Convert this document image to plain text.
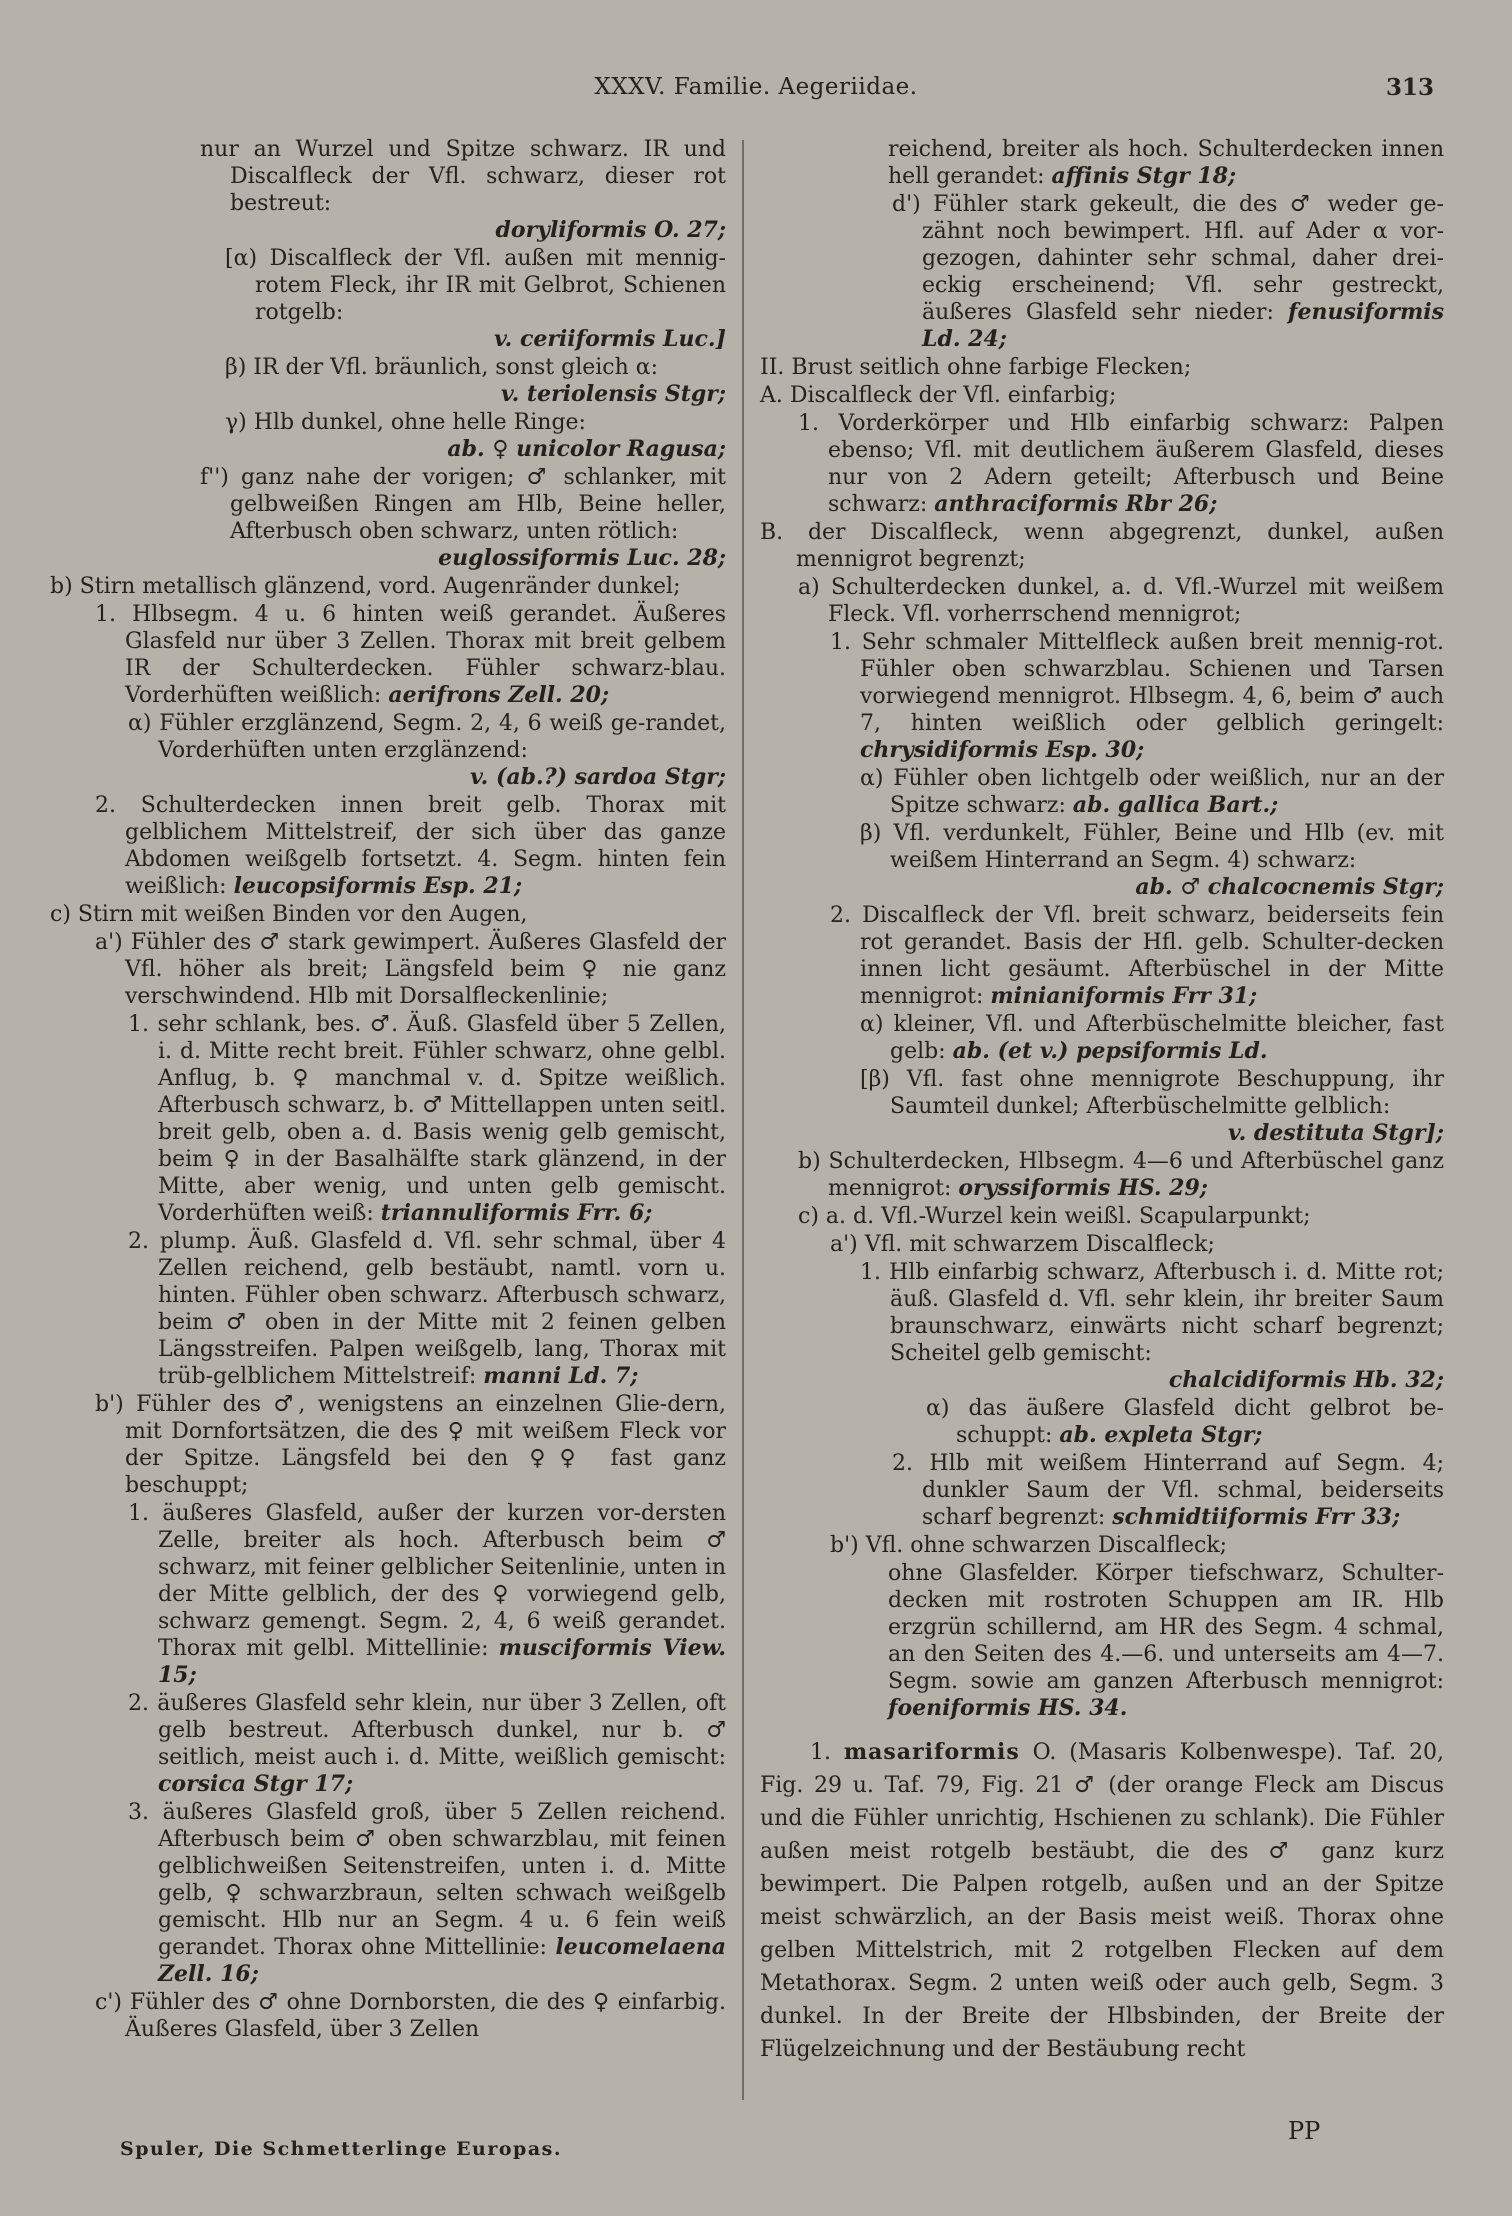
XXXV. Familie. Aegeriidae.	313
nur an Wurzel und Spitze schwarz. IR und Discalfleck der Vfl. schwarz, dieser rot bestreut:
doryliformis O. 27;
[α) Discalfleck der Vfl. außen mit mennig-rotem Fleck, ihr IR mit Gelbrot, Schienen rotgelb:
v. ceriiformis Luc.]
β) IR der Vfl. bräunlich, sonst gleich α:
v. teriolensis Stgr;
γ) Hlb dunkel, ohne helle Ringe:
ab. ♀ unicolor Ragusa;
f'') ganz nahe der vorigen; ♂ schlanker, mit gelbweißen Ringen am Hlb, Beine heller, Afterbusch oben schwarz, unten rötlich:
euglossiformis Luc. 28;
b) Stirn metallisch glänzend, vord. Augenränder dunkel;
1. Hlbsegm. 4 u. 6 hinten weiß gerandet. Äußeres Glasfeld nur über 3 Zellen. Thorax mit breit gelbem IR der Schulterdecken. Fühler schwarz-blau. Vorderhüften weißlich: aerifrons Zell. 20;
α) Fühler erzglänzend, Segm. 2, 4, 6 weiß ge-randet, Vorderhüften unten erzglänzend:
v. (ab.?) sardoa Stgr;
2. Schulterdecken innen breit gelb. Thorax mit gelblichem Mittelstreif, der sich über das ganze Abdomen weißgelb fortsetzt. 4. Segm. hinten fein weißlich: leucopsiformis Esp. 21;
c) Stirn mit weißen Binden vor den Augen,
a') Fühler des ♂ stark gewimpert. Äußeres Glasfeld der Vfl. höher als breit; Längsfeld beim ♀ nie ganz verschwindend. Hlb mit Dorsalfleckenlinie;
1. sehr schlank, bes. ♂. Äuß. Glasfeld über 5 Zellen, i. d. Mitte recht breit. Fühler schwarz, ohne gelbl. Anflug, b. ♀ manchmal v. d. Spitze weißlich. Afterbusch schwarz, b. ♂ Mittellappen unten seitl. breit gelb, oben a. d. Basis wenig gelb gemischt, beim ♀ in der Basalhälfte stark glänzend, in der Mitte, aber wenig, und unten gelb gemischt. Vorderhüften weiß: triannuliformis Frr. 6;
2. plump. Äuß. Glasfeld d. Vfl. sehr schmal, über 4 Zellen reichend, gelb bestäubt, namtl. vorn u. hinten. Fühler oben schwarz. Afterbusch schwarz, beim ♂ oben in der Mitte mit 2 feinen gelben Längsstreifen. Palpen weißgelb, lang, Thorax mit trüb-gelblichem Mittelstreif: manni Ld. 7;
b') Fühler des ♂, wenigstens an einzelnen Glie-dern, mit Dornfortsätzen, die des ♀ mit weißem Fleck vor der Spitze. Längsfeld bei den ♀♀ fast ganz beschuppt;
1. äußeres Glasfeld, außer der kurzen vor-dersten Zelle, breiter als hoch. Afterbusch beim ♂ schwarz, mit feiner gelblicher Seitenlinie, unten in der Mitte gelblich, der des ♀ vorwiegend gelb, schwarz gemengt. Segm. 2, 4, 6 weiß gerandet. Thorax mit gelbl. Mittellinie: musciformis View. 15;
2. äußeres Glasfeld sehr klein, nur über 3 Zellen, oft gelb bestreut. Afterbusch dunkel, nur b. ♂ seitlich, meist auch i. d. Mitte, weißlich gemischt: corsica Stgr 17;
3. äußeres Glasfeld groß, über 5 Zellen reichend. Afterbusch beim ♂ oben schwarzblau, mit feinen gelblichweißen Seitenstreifen, unten i. d. Mitte gelb, ♀ schwarzbraun, selten schwach weißgelb gemischt. Hlb nur an Segm. 4 u. 6 fein weiß gerandet. Thorax ohne Mittellinie: leucomelaena Zell. 16;
c') Fühler des ♂ ohne Dornborsten, die des ♀ einfarbig. Äußeres Glasfeld, über 3 Zellen
reichend, breiter als hoch. Schulterdecken innen hell gerandet: affinis Stgr 18;
d') Fühler stark gekeult, die des ♂ weder ge-zähnt noch bewimpert. Hfl. auf Ader α vor-gezogen, dahinter sehr schmal, daher drei-eckig erscheinend; Vfl. sehr gestreckt, äußeres Glasfeld sehr nieder: fenusiformis Ld. 24;
II. Brust seitlich ohne farbige Flecken;
A. Discalfleck der Vfl. einfarbig;
1. Vorderkörper und Hlb einfarbig schwarz: Palpen ebenso; Vfl. mit deutlichem äußerem Glasfeld, dieses nur von 2 Adern geteilt; Afterbusch und Beine schwarz: anthraciformis Rbr 26;
B. der Discalfleck, wenn abgegrenzt, dunkel, außen mennigrot begrenzt;
a) Schulterdecken dunkel, a. d. Vfl.-Wurzel mit weißem Fleck. Vfl. vorherrschend mennigrot;
1. Sehr schmaler Mittelfleck außen breit mennig-rot. Fühler oben schwarzblau. Schienen und Tarsen vorwiegend mennigrot. Hlbsegm. 4, 6, beim ♂ auch 7, hinten weißlich oder gelblich geringelt: chrysidiformis Esp. 30;
α) Fühler oben lichtgelb oder weißlich, nur an der Spitze schwarz: ab. gallica Bart.;
β) Vfl. verdunkelt, Fühler, Beine und Hlb (ev. mit weißem Hinterrand an Segm. 4) schwarz:
ab. ♂ chalcocnemis Stgr;
2. Discalfleck der Vfl. breit schwarz, beiderseits fein rot gerandet. Basis der Hfl. gelb. Schulter-decken innen licht gesäumt. Afterbüschel in der Mitte mennigrot: minianiformis Frr 31;
α) kleiner, Vfl. und Afterbüschelmitte bleicher, fast gelb: ab. (et v.) pepsiformis Ld.
[β) Vfl. fast ohne mennigrote Beschuppung, ihr Saumteil dunkel; Afterbüschelmitte gelblich:
v. destituta Stgr];
b) Schulterdecken, Hlbsegm. 4—6 und Afterbüschel ganz mennigrot: oryssiformis HS. 29;
c) a. d. Vfl.-Wurzel kein weißl. Scapularpunkt;
a') Vfl. mit schwarzem Discalfleck;
1. Hlb einfarbig schwarz, Afterbusch i. d. Mitte rot; äuß. Glasfeld d. Vfl. sehr klein, ihr breiter Saum braunschwarz, einwärts nicht scharf begrenzt; Scheitel gelb gemischt:
chalcidiformis Hb. 32;
α) das äußere Glasfeld dicht gelbrot be-schuppt: ab. expleta Stgr;
2. Hlb mit weißem Hinterrand auf Segm. 4; dunkler Saum der Vfl. schmal, beiderseits scharf begrenzt: schmidtiiformis Frr 33;
b') Vfl. ohne schwarzen Discalfleck;
ohne Glasfelder. Körper tiefschwarz, Schulter-decken mit rostroten Schuppen am IR. Hlb erzgrün schillernd, am HR des Segm. 4 schmal, an den Seiten des 4.—6. und unterseits am 4—7. Segm. sowie am ganzen Afterbusch mennigrot: foeniformis HS. 34.
1. masariformis O. (Masaris Kolbenwespe). Taf. 20, Fig. 29 u. Taf. 79, Fig. 21 ♂ (der orange Fleck am Discus und die Fühler unrichtig, Hschienen zu schlank). Die Fühler außen meist rotgelb bestäubt, die des ♂ ganz kurz bewimpert. Die Palpen rotgelb, außen und an der Spitze meist schwärzlich, an der Basis meist weiß. Thorax ohne gelben Mittelstrich, mit 2 rotgelben Flecken auf dem Metathorax. Segm. 2 unten weiß oder auch gelb, Segm. 3 dunkel. In der Breite der Hlbsbinden, der Breite der Flügelzeichnung und der Bestäubung recht
Spuler, Die Schmetterlinge Europas.
PP
